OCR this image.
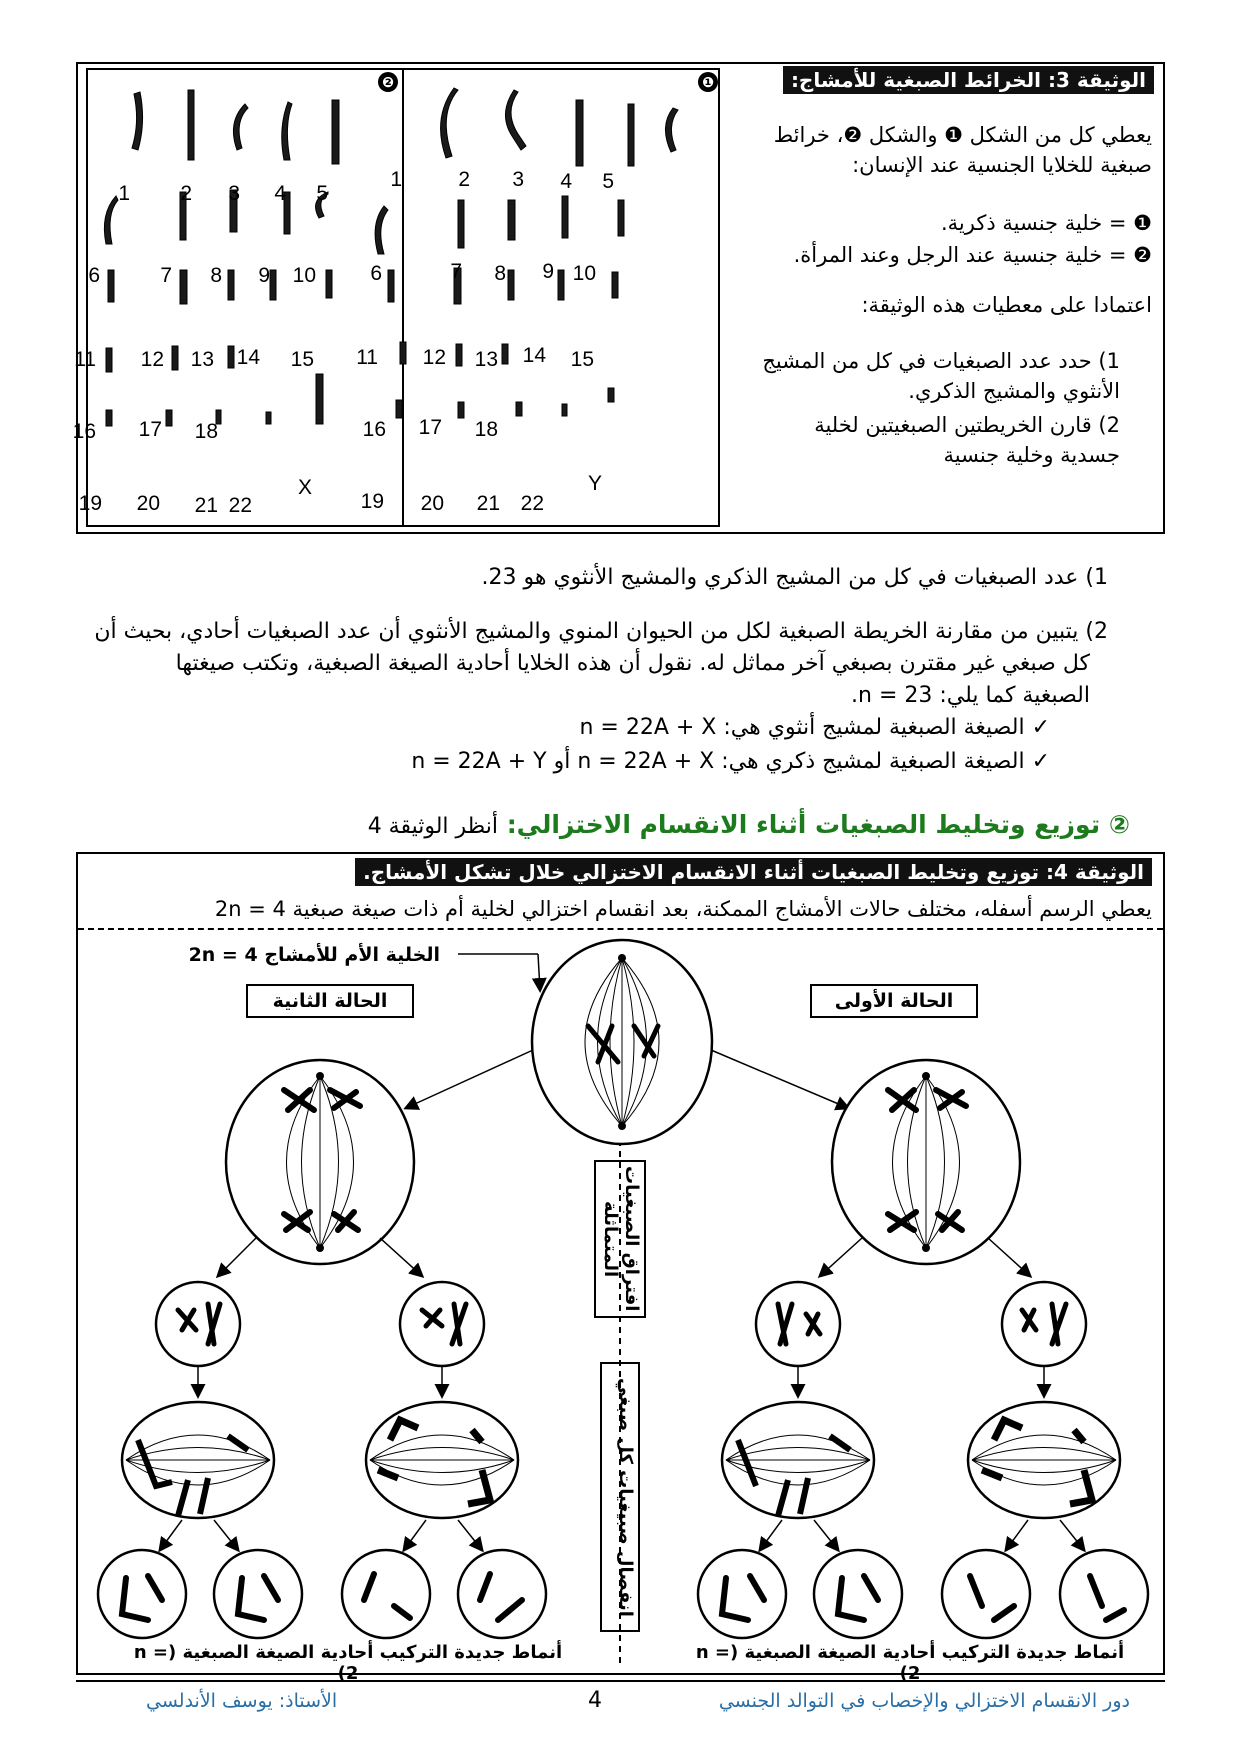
الوثيقة 3: الخرائط الصبغية للأمشاج:
يعطي كل من الشكل ❶ والشكل ❷، خرائط صبغية للخلايا الجنسية عند الإنسان:
❶ = خلية جنسية ذكرية.
❷ = خلية جنسية عند الرجل وعند المرأة.
اعتمادا على معطيات هذه الوثيقة:
1) حدد عدد الصبغيات في كل من المشيج الأنثوي والمشيج الذكري.
2) قارن الخريطتين الصبغيتين لخلية جسدية وخلية جنسية
❷	❶
1 2 3 4 5
6	7 8 9 10
11 12 13 14 15
16 17 18
19 20 21 22
X
1	2 3 4 5
6	7 8 9 10
11 12 13 14 15
16 17 18
19 20 21 22
Y
1) عدد الصبغيات في كل من المشيج الذكري والمشيج الأنثوي هو 23.
2) يتبين من مقارنة الخريطة الصبغية لكل من الحيوان المنوي والمشيج الأنثوي أن عدد الصبغيات أحادي، بحيث أن
كل صبغي غير مقترن بصبغي آخر مماثل له. نقول أن هذه الخلايا أحادية الصيغة الصبغية، وتكتب صيغتها
الصبغية كما يلي: 23 = n.
✓ الصيغة الصبغية لمشيج أنثوي هي: n = 22A + X
✓ الصيغة الصبغية لمشيج ذكري هي: n = 22A + X أو n = 22A + Y
② توزيع وتخليط الصبغيات أثناء الانقسام الاختزالي: أنظر الوثيقة 4
الوثيقة 4: توزيع وتخليط الصبغيات أثناء الانقسام الاختزالي خلال تشكل الأمشاج.
يعطي الرسم أسفله، مختلف حالات الأمشاج الممكنة، بعد انقسام اختزالي لخلية أم ذات صيغة صبغية 4 = 2n
الخلية الأم للأمشاج 4 = 2n
الحالة الثانية	الحالة الأولى
افتراق الصبغيات المتماثلة
انفصال صبيغيات كل صبغي
أنماط جديدة التركيب أحادية الصيغة الصبغية (n = 2)
أنماط جديدة التركيب أحادية الصيغة الصبغية (n = 2)
دور الانقسام الاختزالي والإخصاب في التوالد الجنسي
4
الأستاذ: يوسف الأندلسي
